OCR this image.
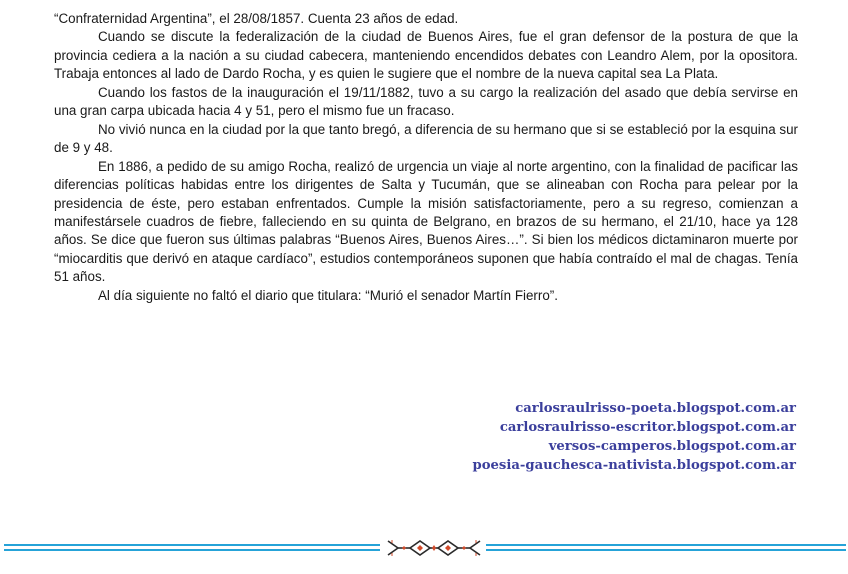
“Confraternidad Argentina”, el 28/08/1857. Cuenta 23 años de edad.

Cuando se discute la federalización de la ciudad de Buenos Aires, fue el gran defensor de la postura de que la provincia cediera a la nación a su ciudad cabecera, manteniendo encendidos debates con Leandro Alem, por la opositora. Trabaja entonces al lado de Dardo Rocha, y es quien le sugiere que el nombre de la nueva capital sea La Plata.

Cuando los fastos de la inauguración el 19/11/1882, tuvo a su cargo la realización del asado que debía servirse en una gran carpa ubicada hacia 4 y 51, pero el mismo fue un fracaso.

No vivió nunca en la ciudad por la que tanto bregó, a diferencia de su hermano que si se estableció por la esquina sur de 9 y 48.

En 1886, a pedido de su amigo Rocha, realizó de urgencia un viaje al norte argentino, con la finalidad de pacificar las diferencias políticas habidas entre los dirigentes de Salta y Tucumán, que se alineaban con Rocha para pelear por la presidencia de éste, pero estaban enfrentados. Cumple la misión satisfactoriamente, pero a su regreso, comienzan a manifestársele cuadros de fiebre, falleciendo en su quinta de Belgrano, en brazos de su hermano, el 21/10, hace ya 128 años. Se dice que fueron sus últimas palabras “Buenos Aires, Buenos Aires…”. Si bien los médicos dictaminaron muerte por “miocarditis que derivó en ataque cardíaco”, estudios contemporáneos suponen que había contraído el mal de chagas. Tenía 51 años.

Al día siguiente no faltó el diario que titulara: “Murió el senador Martín Fierro”.

carlosraulrisso-poeta.blogspot.com.ar
carlosraulrisso-escritor.blogspot.com.ar
versos-camperos.blogspot.com.ar
poesia-gauchesca-nativista.blogspot.com.ar
